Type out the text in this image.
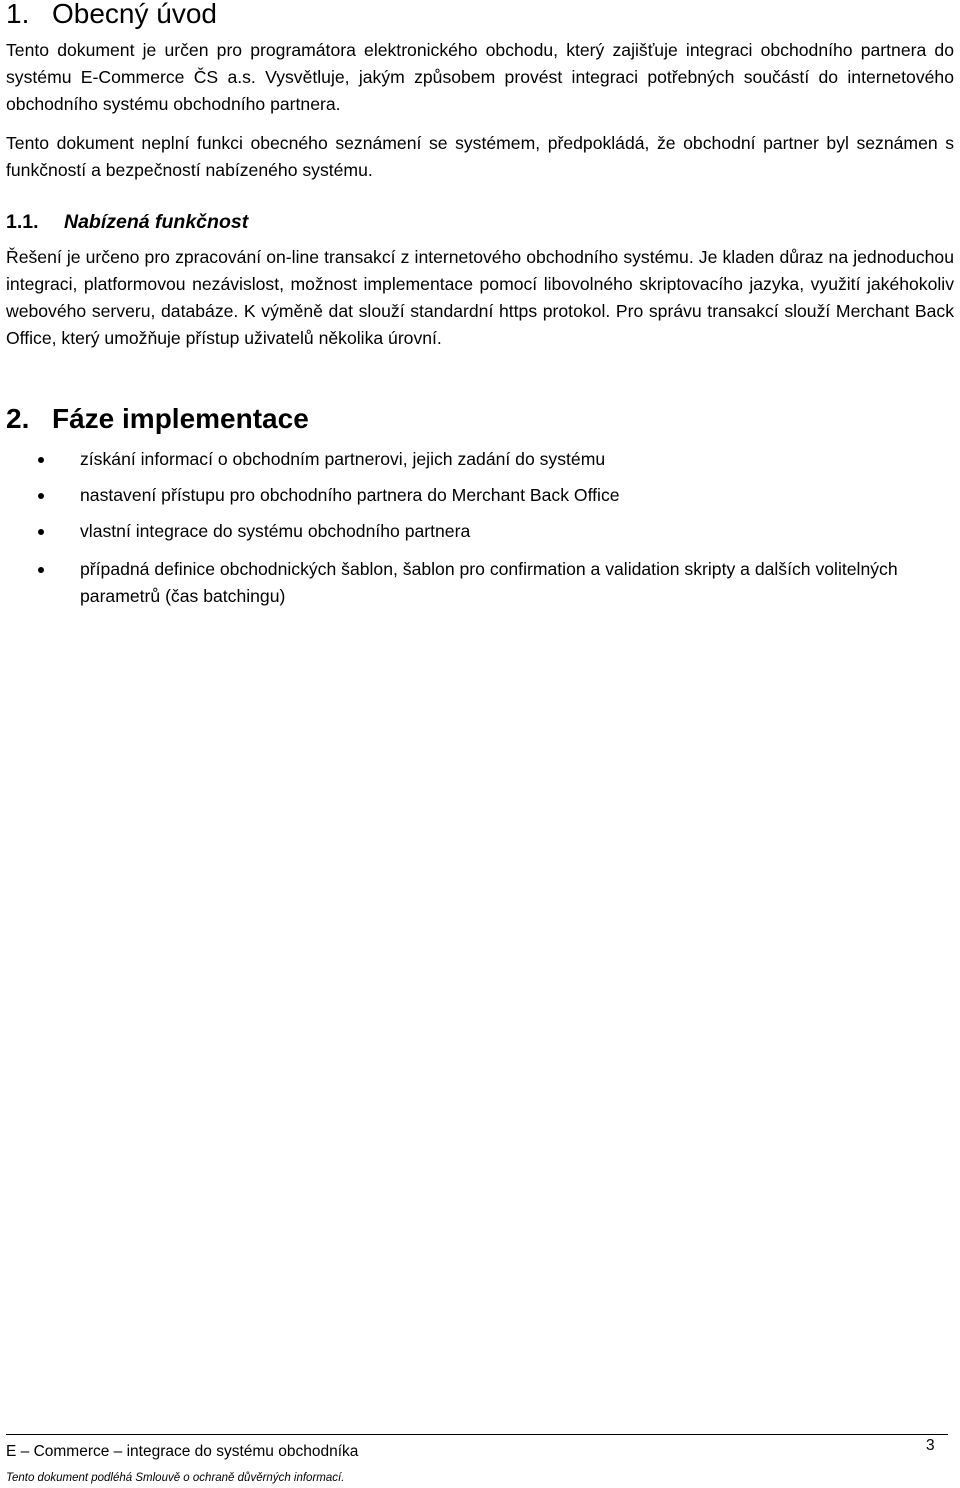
1. Obecný úvod

Tento dokument je určen pro programátora elektronického obchodu, který zajišťuje integraci obchodního partnera do systému E-Commerce ČS a.s. Vysvětluje, jakým způsobem provést integraci potřebných součástí do internetového obchodního systému obchodního partnera.

Tento dokument neplní funkci obecného seznámení se systémem, předpokládá, že obchodní partner byl seznámen s funkčností a bezpečností nabízeného systému.

1.1. Nabízená funkčnost

Řešení je určeno pro zpracování on-line transakcí z internetového obchodního systému. Je kladen důraz na jednoduchou integraci, platformovou nezávislost, možnost implementace pomocí libovolného skriptovacího jazyka, využití jakéhokoliv webového serveru, databáze. K výměně dat slouží standardní https protokol. Pro správu transakcí slouží Merchant Back Office, který umožňuje přístup uživatelů několika úrovní.

2. Fáze implementace
získání informací o obchodním partnerovi, jejich zadání do systému
nastavení přístupu pro obchodního partnera do Merchant Back Office
vlastní integrace do systému obchodního partnera
případná definice obchodnických šablon, šablon pro confirmation a validation skripty a dalších volitelných parametrů (čas batchingu)
E – Commerce – integrace do systému obchodníka	3
Tento dokument podléhá Smlouvě o ochraně důvěrných informací.
